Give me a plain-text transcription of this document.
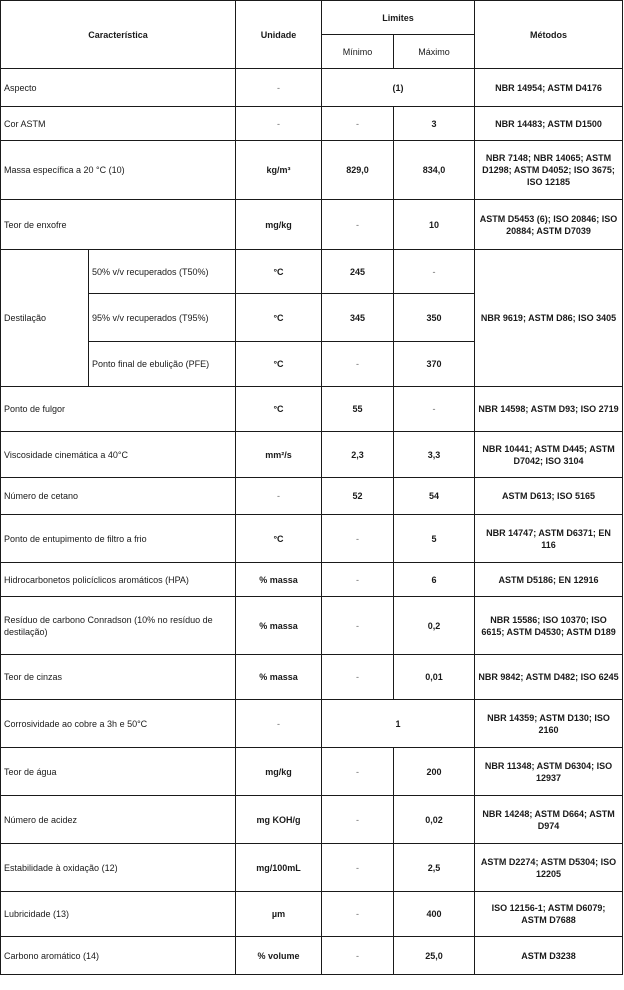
Característica		Unidade	Limites		Métodos
			Mínimo	Máximo	
Aspecto		-	(1)		NBR 14954; ASTM D4176
Cor ASTM		-	-	3	NBR 14483; ASTM D1500
Massa específica a 20 °C (10)		kg/m³	829,0	834,0	NBR 7148; NBR 14065; ASTM D1298; ASTM D4052; ISO 3675; ISO 12185
Teor de enxofre		mg/kg	-	10	ASTM D5453 (6); ISO 20846; ISO 20884; ASTM D7039
Destilação	50% v/v recuperados (T50%)	°C	245	-	NBR 9619; ASTM D86; ISO 3405
	95% v/v recuperados (T95%)	°C	345	350	
	Ponto final de ebulição (PFE)	°C	-	370	
Ponto de fulgor		°C	55	-	NBR 14598; ASTM D93; ISO 2719
Viscosidade cinemática a 40°C		mm²/s	2,3	3,3	NBR 10441; ASTM D445; ASTM D7042; ISO 3104
Número de cetano		-	52	54	ASTM D613; ISO 5165
Ponto de entupimento de filtro a frio		°C	-	5	NBR 14747; ASTM D6371; EN 116
Hidrocarbonetos policíclicos aromáticos (HPA)		% massa	-	6	ASTM D5186; EN 12916
Resíduo de carbono Conradson (10% no resíduo de destilação)		% massa	-	0,2	NBR 15586; ISO 10370; ISO 6615; ASTM D4530; ASTM D189
Teor de cinzas		% massa	-	0,01	NBR 9842; ASTM D482; ISO 6245
Corrosividade ao cobre a 3h e 50°C		-	1		NBR 14359; ASTM D130; ISO 2160
Teor de água		mg/kg	-	200	NBR 11348; ASTM D6304; ISO 12937
Número de acidez		mg KOH/g	-	0,02	NBR 14248; ASTM D664; ASTM D974
Estabilidade à oxidação (12)		mg/100mL	-	2,5	ASTM D2274; ASTM D5304; ISO 12205
Lubricidade (13)		µm	-	400	ISO 12156-1; ASTM D6079; ASTM D7688
Carbono aromático (14)		% volume	-	25,0	ASTM D3238
